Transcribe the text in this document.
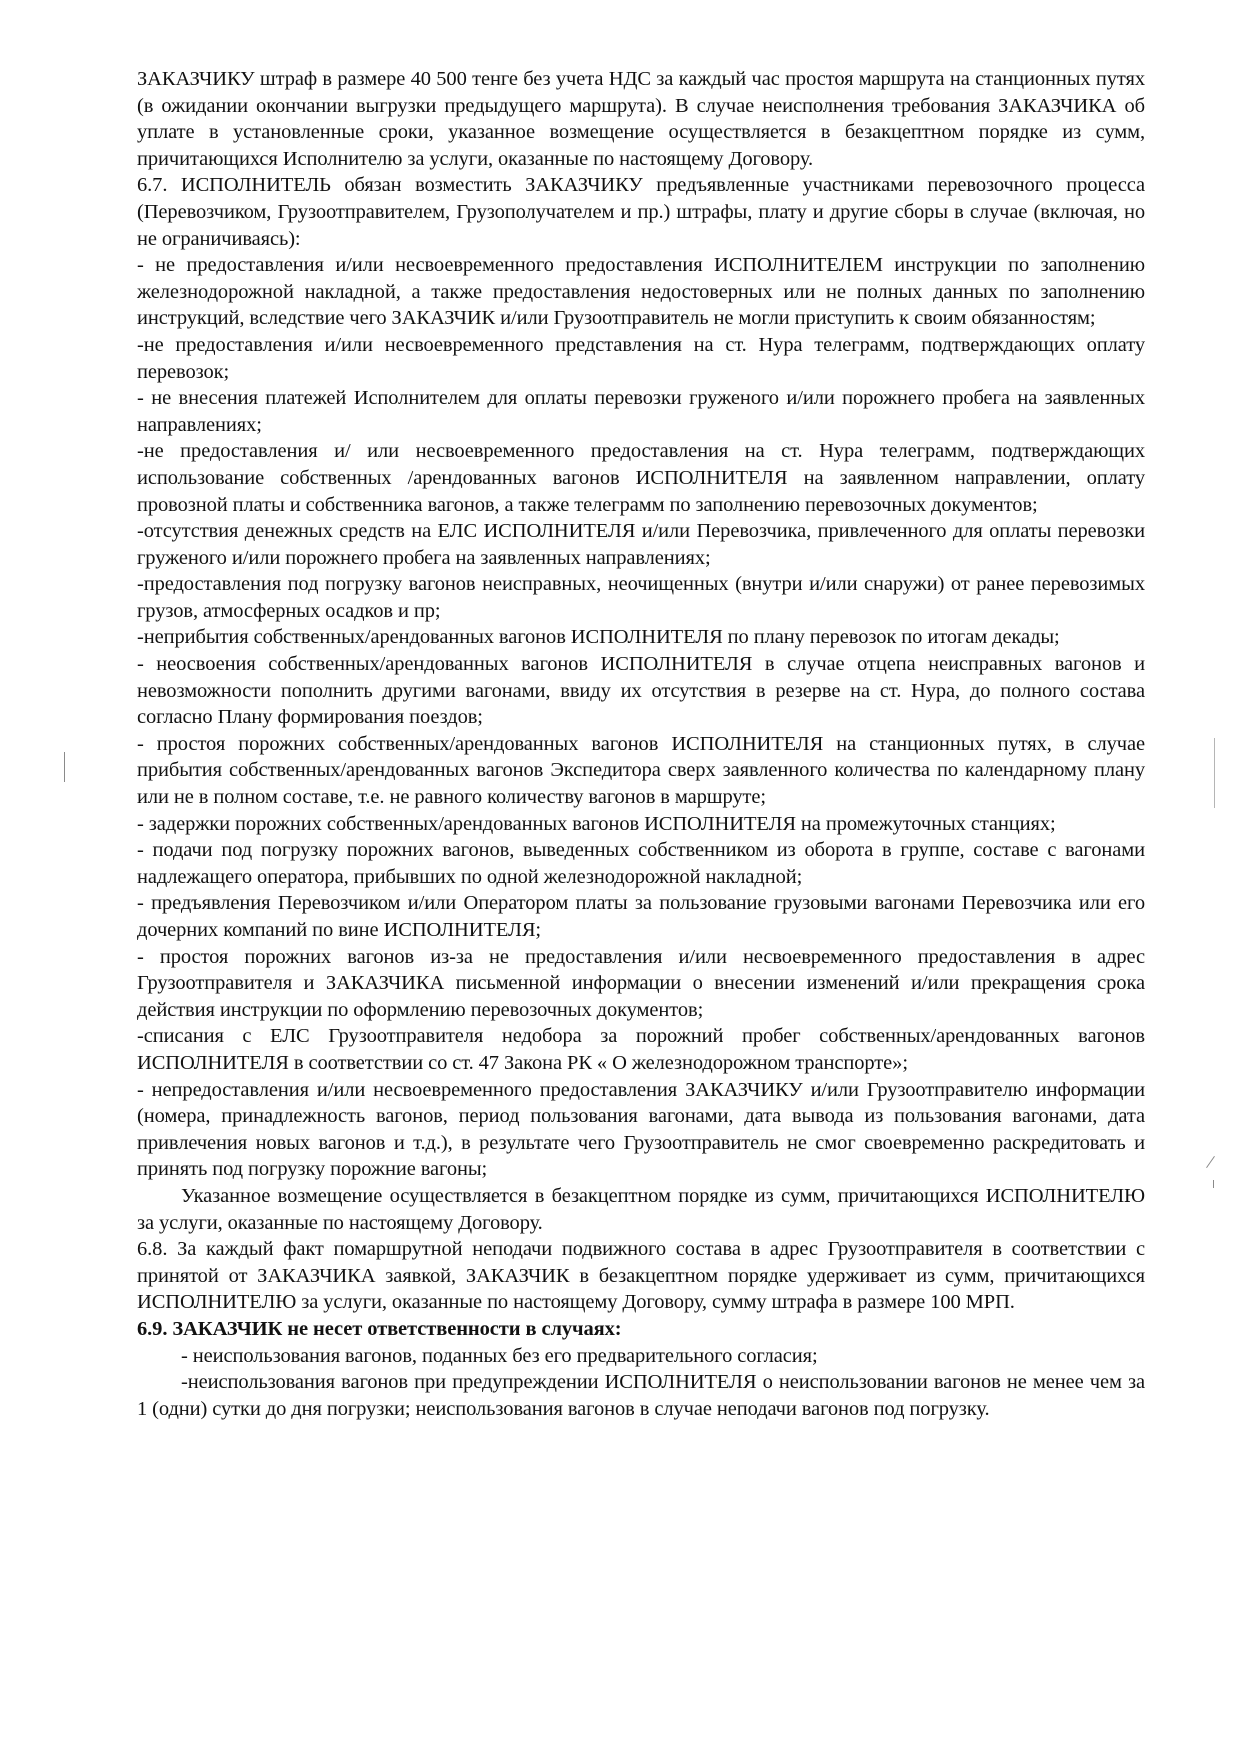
ЗАКАЗЧИКУ штраф в размере 40 500 тенге без учета НДС за каждый час простоя маршрута на станционных путях (в ожидании окончании выгрузки предыдущего маршрута). В случае неисполнения требования ЗАКАЗЧИКА об уплате в установленные сроки, указанное возмещение осуществляется в безакцептном порядке из сумм, причитающихся Исполнителю за услуги, оказанные по настоящему Договору.

6.7. ИСПОЛНИТЕЛЬ обязан возместить ЗАКАЗЧИКУ предъявленные участниками перевозочного процесса (Перевозчиком, Грузоотправителем, Грузополучателем и пр.) штрафы, плату и другие сборы в случае (включая, но не ограничиваясь):

- не предоставления и/или несвоевременного предоставления ИСПОЛНИТЕЛЕМ инструкции по заполнению железнодорожной накладной, а также предоставления недостоверных или не полных данных по заполнению инструкций, вследствие чего ЗАКАЗЧИК и/или Грузоотправитель не могли приступить к своим обязанностям;

-не предоставления и/или несвоевременного представления на ст. Нура телеграмм, подтверждающих оплату перевозок;

- не внесения платежей Исполнителем для оплаты перевозки груженого и/или порожнего пробега на заявленных направлениях;

-не предоставления и/ или несвоевременного предоставления на ст. Нура телеграмм, подтверждающих использование собственных /арендованных вагонов ИСПОЛНИТЕЛЯ на заявленном направлении, оплату провозной платы и собственника вагонов, а также телеграмм по заполнению перевозочных документов;

-отсутствия денежных средств на ЕЛС ИСПОЛНИТЕЛЯ и/или Перевозчика, привлеченного для оплаты перевозки груженого и/или порожнего пробега на заявленных направлениях;

-предоставления под погрузку вагонов неисправных, неочищенных (внутри и/или снаружи) от ранее перевозимых грузов, атмосферных осадков и пр;

-неприбытия собственных/арендованных вагонов ИСПОЛНИТЕЛЯ по плану перевозок по итогам декады;

- неосвоения собственных/арендованных вагонов ИСПОЛНИТЕЛЯ в случае отцепа неисправных вагонов и невозможности пополнить другими вагонами, ввиду их отсутствия в резерве на ст. Нура, до полного состава согласно Плану формирования поездов;

- простоя порожних собственных/арендованных вагонов ИСПОЛНИТЕЛЯ на станционных путях, в случае прибытия собственных/арендованных вагонов Экспедитора сверх заявленного количества по календарному плану или не в полном составе, т.е. не равного количеству вагонов в маршруте;

- задержки порожних собственных/арендованных вагонов ИСПОЛНИТЕЛЯ на промежуточных станциях;

- подачи под погрузку порожних вагонов, выведенных собственником из оборота в группе, составе с вагонами надлежащего оператора, прибывших по одной железнодорожной накладной;

- предъявления Перевозчиком и/или Оператором платы за пользование грузовыми вагонами Перевозчика или его дочерних компаний по вине ИСПОЛНИТЕЛЯ;

- простоя порожних вагонов из-за не предоставления и/или несвоевременного предоставления в адрес Грузоотправителя и ЗАКАЗЧИКА письменной информации о внесении изменений и/или прекращения срока действия инструкции по оформлению перевозочных документов;

-списания с ЕЛС Грузоотправителя недобора за порожний пробег собственных/арендованных вагонов ИСПОЛНИТЕЛЯ в соответствии со ст. 47 Закона РК « О железнодорожном транспорте»;

- непредоставления и/или несвоевременного предоставления ЗАКАЗЧИКУ и/или Грузоотправителю информации (номера, принадлежность вагонов, период пользования вагонами, дата вывода из пользования вагонами, дата привлечения новых вагонов и т.д.), в результате чего Грузоотправитель не смог своевременно раскредитовать и принять под погрузку порожние вагоны;

Указанное возмещение осуществляется в безакцептном порядке из сумм, причитающихся ИСПОЛНИТЕЛЮ за услуги, оказанные по настоящему Договору.

6.8. За каждый факт помаршрутной неподачи подвижного состава в адрес Грузоотправителя в соответствии с принятой от ЗАКАЗЧИКА заявкой, ЗАКАЗЧИК в безакцептном порядке удерживает из сумм, причитающихся ИСПОЛНИТЕЛЮ за услуги, оказанные по настоящему Договору, сумму штрафа в размере 100 МРП.

6.9. ЗАКАЗЧИК не несет ответственности в случаях:

- неиспользования вагонов, поданных без его предварительного согласия;

-неиспользования вагонов при предупреждении ИСПОЛНИТЕЛЯ о неиспользовании вагонов не менее чем за 1 (одни) сутки до дня погрузки; неиспользования вагонов в случае неподачи вагонов под погрузку.
